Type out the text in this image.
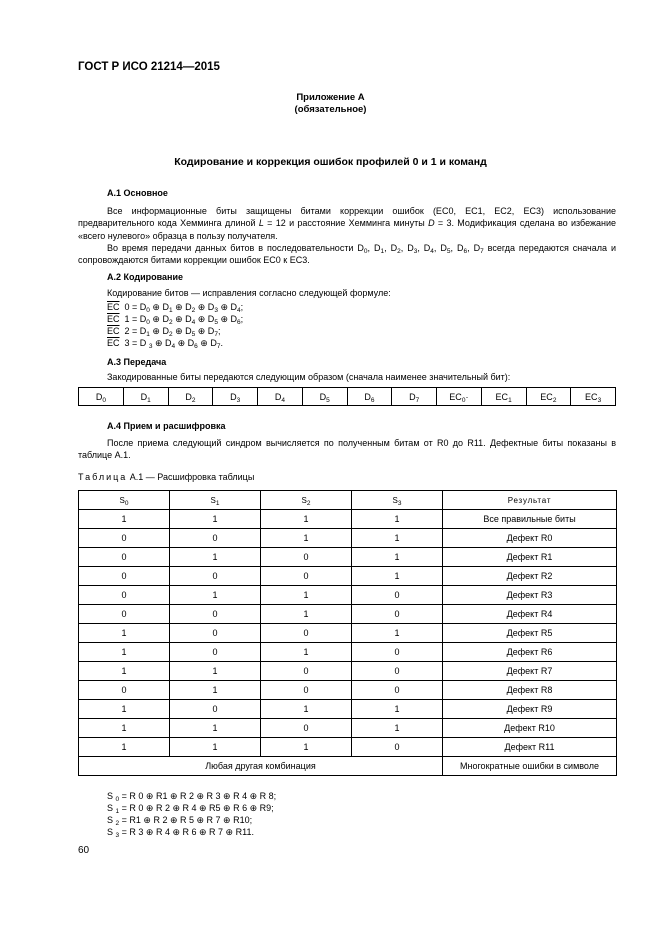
ГОСТ Р ИСО 21214—2015
Приложение А
(обязательное)
Кодирование и коррекция ошибок профилей 0 и 1 и команд
А.1 Основное
Все информационные биты защищены битами коррекции ошибок (EC0, EC1, EC2, EC3) использование предварительного кода Хемминга длиной L = 12 и расстояние Хемминга минуты D = 3. Модификация сделана во избежание «всего нулевого» образца в пользу получателя.
Во время передачи данных битов в последовательности $D_0$, $D_1$, $D_2$, $D_3$, $D_4$, $D_5$, $D_6$, $D_7$ всегда передаются сначала и сопровождаются битами коррекции ошибок EC0 к EC3.
А.2 Кодирование
Кодирование битов — исправления согласно следующей формуле:
$\overline{EC}$ $0 = D_0$ ⊕ $D_1$ ⊕ $D_2$ ⊕ $D_3$ ⊕ $D_4$;
$\overline{EC}$ $1 = D_0$ ⊕ $D_2$ ⊕ $D_4$ ⊕ $D_5$ ⊕ $D_6$;
$\overline{EC}$ $2 = D_1$ ⊕ $D_2$ ⊕ $D_5$ ⊕ $D_7$;
$\overline{EC}$ 3 = D $_3$ ⊕ $D_4$ ⊕ $D_6$ ⊕ $D_7$.
А.3 Передача
Закодированные биты передаются следующим образом (сначала наименее значительный бит):
$D_0$	$D_1$	$D_2$	$D_3$	$D_4$	$D_5$	$D_6$	$D_7$	$EC_0\cdot$	$EC_1$	$EC_2$	$EC_3$
А.4 Прием и расшифровка
После приема следующий синдром вычисляется по полученным битам от R0 до R11. Дефектные биты показаны в таблице А.1.
Таблица А.1 — Расшифровка таблицы
$S_0$	$S_1$	$S_2$	$S_3$	Результат
1	1	1	1	Все правильные биты
0	0	1	1	Дефект R0
0	1	0	1	Дефект R1
0	0	0	1	Дефект R2
0	1	1	0	Дефект R3
0	0	1	0	Дефект R4
1	0	0	1	Дефект R5
1	0	1	0	Дефект R6
1	1	0	0	Дефект R7
0	1	0	0	Дефект R8
1	0	1	1	Дефект R9
1	1	0	1	Дефект R10
1	1	1	0	Дефект R11
Любая другая комбинация				Многократные ошибки в символе
S $_0$ = R 0 ⊕ R1 ⊕ R 2 ⊕ R 3 ⊕ R 4 ⊕ R 8;
S $_1$ = R 0 ⊕ R 2 ⊕ R 4 ⊕ R5 ⊕ R 6 ⊕ R9;
S $_2$ = R1 ⊕ R 2 ⊕ R 5 ⊕ R 7 ⊕ R10;
S $_3$ = R 3 ⊕ R 4 ⊕ R 6 ⊕ R 7 ⊕ R11.
60
